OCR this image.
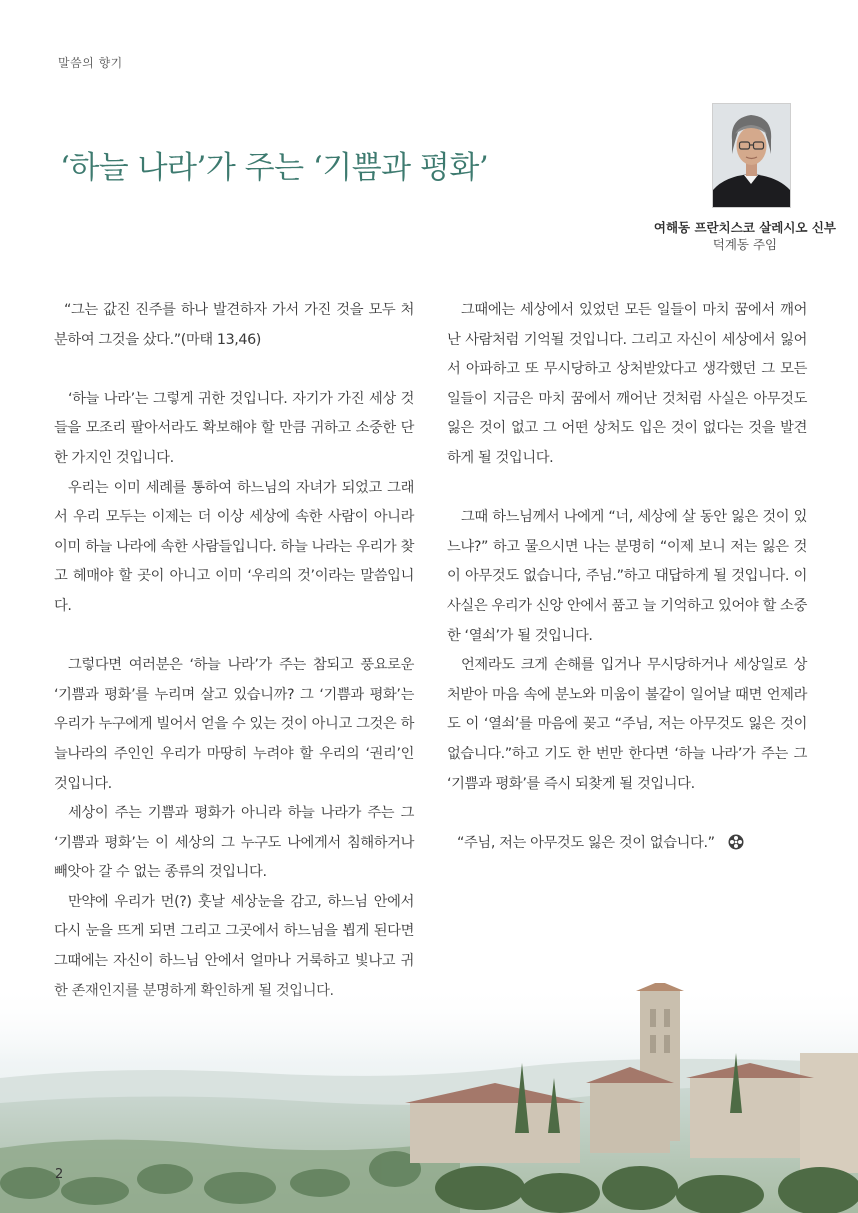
말씀의 향기
‘하늘 나라’가 주는 ‘기쁨과 평화’
여해동 프란치스코 살레시오 신부
덕계동 주임

“그는 값진 진주를 하나 발견하자 가서 가진 것을 모두 처분하여 그것을 샀다.”(마태 13,46)

‘하늘 나라’는 그렇게 귀한 것입니다. 자기가 가진 세상 것들을 모조리 팔아서라도 확보해야 할 만큼 귀하고 소중한 단 한 가지인 것입니다.

우리는 이미 세례를 통하여 하느님의 자녀가 되었고 그래서 우리 모두는 이제는 더 이상 세상에 속한 사람이 아니라 이미 하늘 나라에 속한 사람들입니다. 하늘 나라는 우리가 찾고 헤매야 할 곳이 아니고 이미 ‘우리의 것’이라는 말씀입니다.

그렇다면 여러분은 ‘하늘 나라’가 주는 참되고 풍요로운 ‘기쁨과 평화’를 누리며 살고 있습니까? 그 ‘기쁨과 평화’는 우리가 누구에게 빌어서 얻을 수 있는 것이 아니고 그것은 하늘나라의 주인인 우리가 마땅히 누려야 할 우리의 ‘권리’인 것입니다.

세상이 주는 기쁨과 평화가 아니라 하늘 나라가 주는 그 ‘기쁨과 평화’는 이 세상의 그 누구도 나에게서 침해하거나 빼앗아 갈 수 없는 종류의 것입니다.

만약에 우리가 먼(?) 훗날 세상눈을 감고, 하느님 안에서 다시 눈을 뜨게 되면 그리고 그곳에서 하느님을 뵙게 된다면 그때에는 자신이 하느님 안에서 얼마나 거룩하고 빛나고 귀

그때에는 세상에서 있었던 모든 일들이 마치 꿈에서 깨어난 사람처럼 기억될 것입니다. 그리고 자신이 세상에서 잃어서 아파하고 또 무시당하고 상처받았다고 생각했던 그 모든 일들이 지금은 마치 꿈에서 깨어난 것처럼 사실은 아무것도 잃은 것이 없고 그 어떤 상처도 입은 것이 없다는 것을 발견하게 될 것입니다.

그때 하느님께서 나에게 “너, 세상에 살 동안 잃은 것이 있느냐?” 하고 물으시면 나는 분명히 “이제 보니 저는 잃은 것이 아무것도 없습니다, 주님.”하고 대답하게 될 것입니다. 이 사실은 우리가 신앙 안에서 품고 늘 기억하고 있어야 할 소중한 ‘열쇠’가 될 것입니다.

언제라도 크게 손해를 입거나 무시당하거나 세상일로 상처받아 마음 속에 분노와 미움이 불같이 일어날 때면 언제라도 이 ‘열쇠’를 마음에 꽂고 “주님, 저는 아무것도 잃은 것이 없습니다.”하고 기도 한 번만 한다면 ‘하늘 나라’가 주는 그 ‘기쁨과 평화’를 즉시 되찾게 될 것입니다.

“주님, 저는 아무것도 잃은 것이 없습니다.”

2
